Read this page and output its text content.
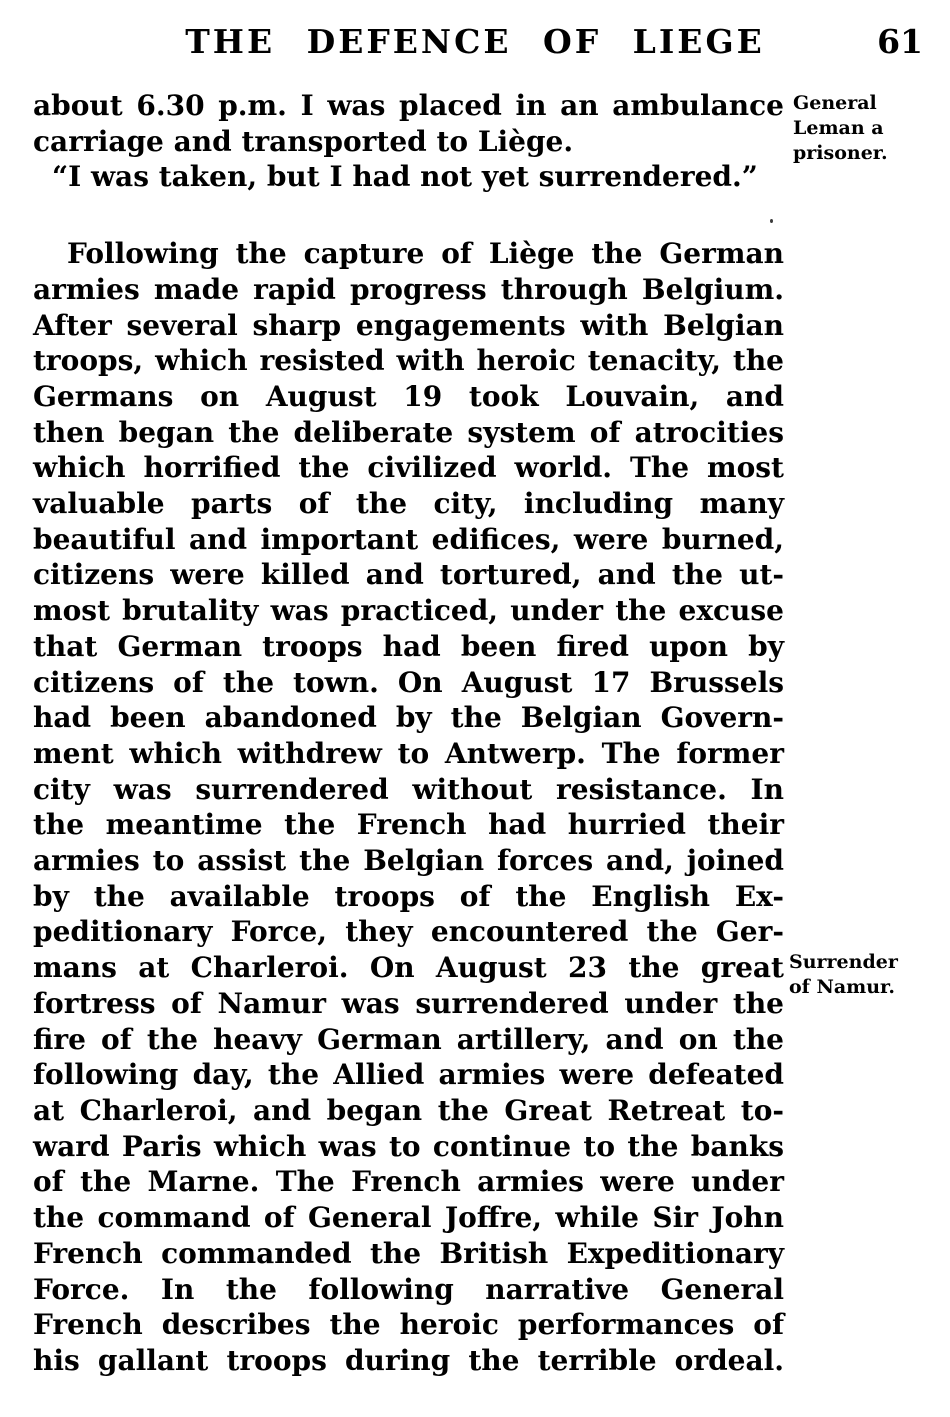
THE DEFENCE OF LIEGE	61
about 6.30 p.m. I was placed in an ambulance
carriage and transported to Liège.
“I was taken, but I had not yet surrendered.”
Following the capture of Liège the German
armies made rapid progress through Belgium.
After several sharp engagements with Belgian
troops, which resisted with heroic tenacity, the
Germans on August 19 took Louvain, and
then began the deliberate system of atrocities
which horrified the civilized world. The most
valuable parts of the city, including many
beautiful and important edifices, were burned,
citizens were killed and tortured, and the ut-
most brutality was practiced, under the excuse
that German troops had been fired upon by
citizens of the town. On August 17 Brussels
had been abandoned by the Belgian Govern-
ment which withdrew to Antwerp. The former
city was surrendered without resistance. In
the meantime the French had hurried their
armies to assist the Belgian forces and, joined
by the available troops of the English Ex-
peditionary Force, they encountered the Ger-
mans at Charleroi. On August 23 the great
fortress of Namur was surrendered under the
fire of the heavy German artillery, and on the
following day, the Allied armies were defeated
at Charleroi, and began the Great Retreat to-
ward Paris which was to continue to the banks
of the Marne. The French armies were under
the command of General Joffre, while Sir John
French commanded the British Expeditionary
Force. In the following narrative General
French describes the heroic performances of
his gallant troops during the terrible ordeal.
General
Leman a
prisoner.
Surrender
of Namur.
